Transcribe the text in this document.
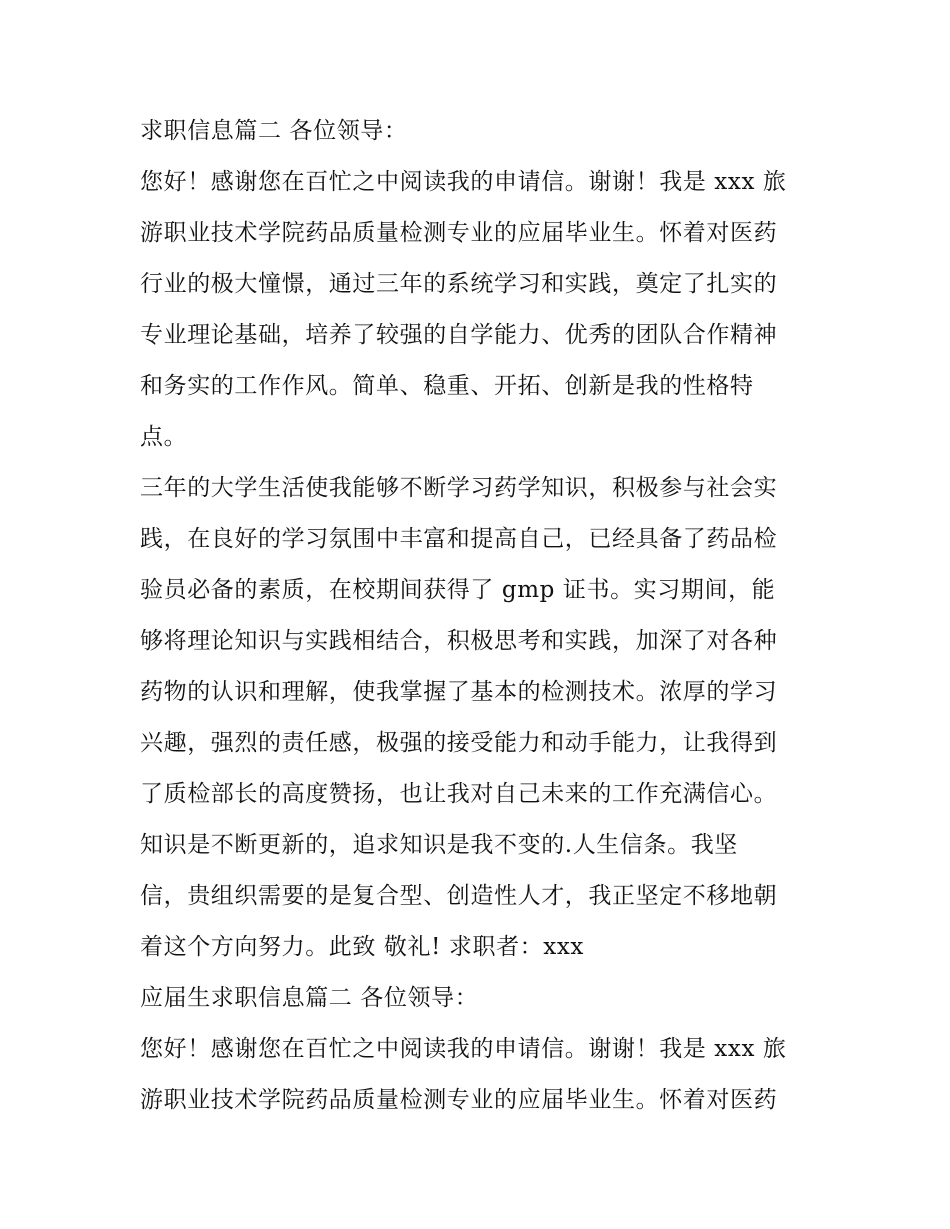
求职信息篇二 各位领导：
您好！感谢您在百忙之中阅读我的申请信。谢谢！我是 xxx 旅
游职业技术学院药品质量检测专业的应届毕业生。怀着对医药
行业的极大憧憬，通过三年的系统学习和实践，奠定了扎实的
专业理论基础，培养了较强的自学能力、优秀的团队合作精神
和务实的工作作风。简单、稳重、开拓、创新是我的性格特
点。
三年的大学生活使我能够不断学习药学知识，积极参与社会实
践，在良好的学习氛围中丰富和提高自己，已经具备了药品检
验员必备的素质，在校期间获得了 gmp 证书。实习期间，能
够将理论知识与实践相结合，积极思考和实践，加深了对各种
药物的认识和理解，使我掌握了基本的检测技术。浓厚的学习
兴趣，强烈的责任感，极强的接受能力和动手能力，让我得到
了质检部长的高度赞扬，也让我对自己未来的工作充满信心。
知识是不断更新的，追求知识是我不变的.人生信条。我坚
信，贵组织需要的是复合型、创造性人才，我正坚定不移地朝
着这个方向努力。此致 敬礼! 求职者：xxx
应届生求职信息篇二 各位领导：
您好！感谢您在百忙之中阅读我的申请信。谢谢！我是 xxx 旅
游职业技术学院药品质量检测专业的应届毕业生。怀着对医药
